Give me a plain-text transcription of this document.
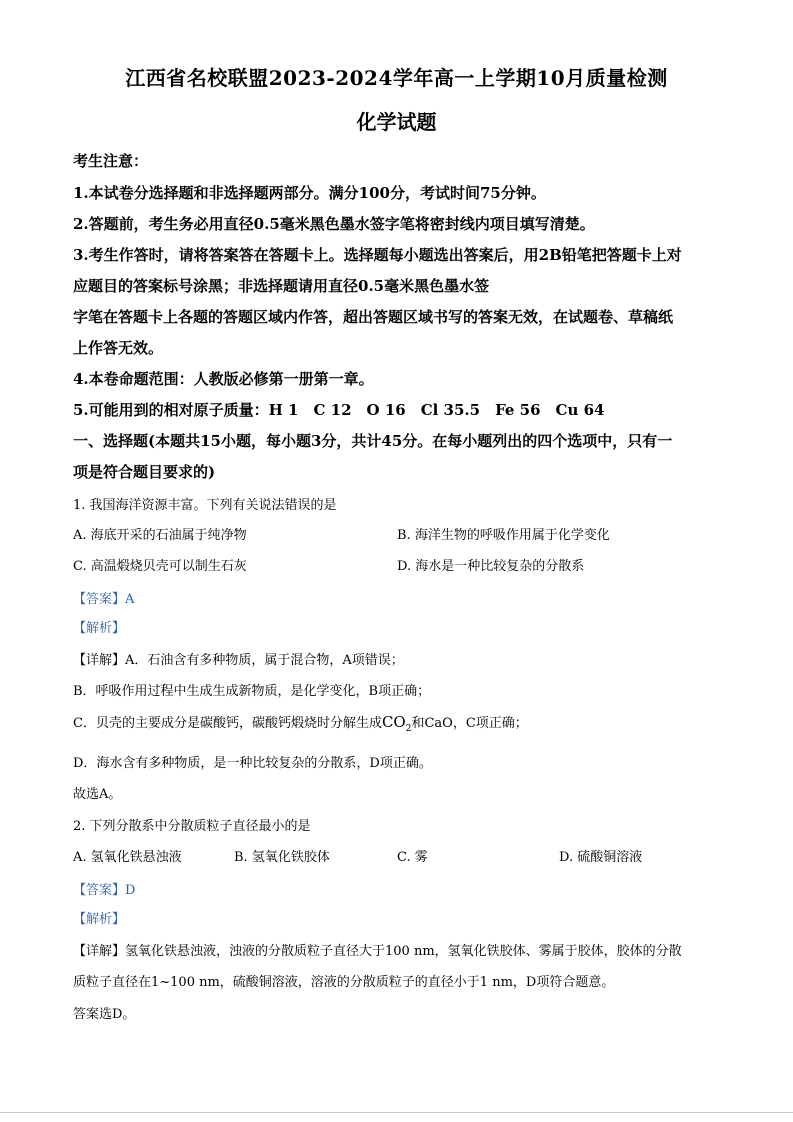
江西省名校联盟2023-2024学年高一上学期10月质量检测
化学试题
考生注意：
1.本试卷分选择题和非选择题两部分。满分100分，考试时间75分钟。
2.答题前，考生务必用直径0.5毫米黑色墨水签字笔将密封线内项目填写清楚。
3.考生作答时，请将答案答在答题卡上。选择题每小题选出答案后，用2B铅笔把答题卡上对
应题目的答案标号涂黑；非选择题请用直径0.5毫米黑色墨水签
字笔在答题卡上各题的答题区域内作答，超出答题区域书写的答案无效，在试题卷、草稿纸
上作答无效。
4.本卷命题范围：人教版必修第一册第一章。
5.可能用到的相对原子质量：H 1　C 12　O 16　Cl 35.5　Fe 56　Cu 64
一、选择题(本题共15小题，每小题3分，共计45分。在每小题列出的四个选项中，只有一
项是符合题目要求的)
1. 我国海洋资源丰富。下列有关说法错误的是
A. 海底开采的石油属于纯净物	B. 海洋生物的呼吸作用属于化学变化
C. 高温煅烧贝壳可以制生石灰	D. 海水是一种比较复杂的分散系
【答案】A
【解析】
【详解】A．石油含有多种物质，属于混合物，A项错误；
B．呼吸作用过程中生成生成新物质，是化学变化，B项正确；
C．贝壳的主要成分是碳酸钙，碳酸钙煅烧时分解生成$CO_2$和CaO，C项正确；
D．海水含有多种物质，是一种比较复杂的分散系，D项正确。
故选A。
2. 下列分散系中分散质粒子直径最小的是
A. 氢氧化铁悬浊液	B. 氢氧化铁胶体	C. 雾	D. 硫酸铜溶液
【答案】D
【解析】
【详解】氢氧化铁悬浊液，浊液的分散质粒子直径大于100 nm，氢氧化铁胶体、雾属于胶体，胶体的分散
质粒子直径在1~100 nm，硫酸铜溶液，溶液的分散质粒子的直径小于1 nm，D项符合题意。
答案选D。
